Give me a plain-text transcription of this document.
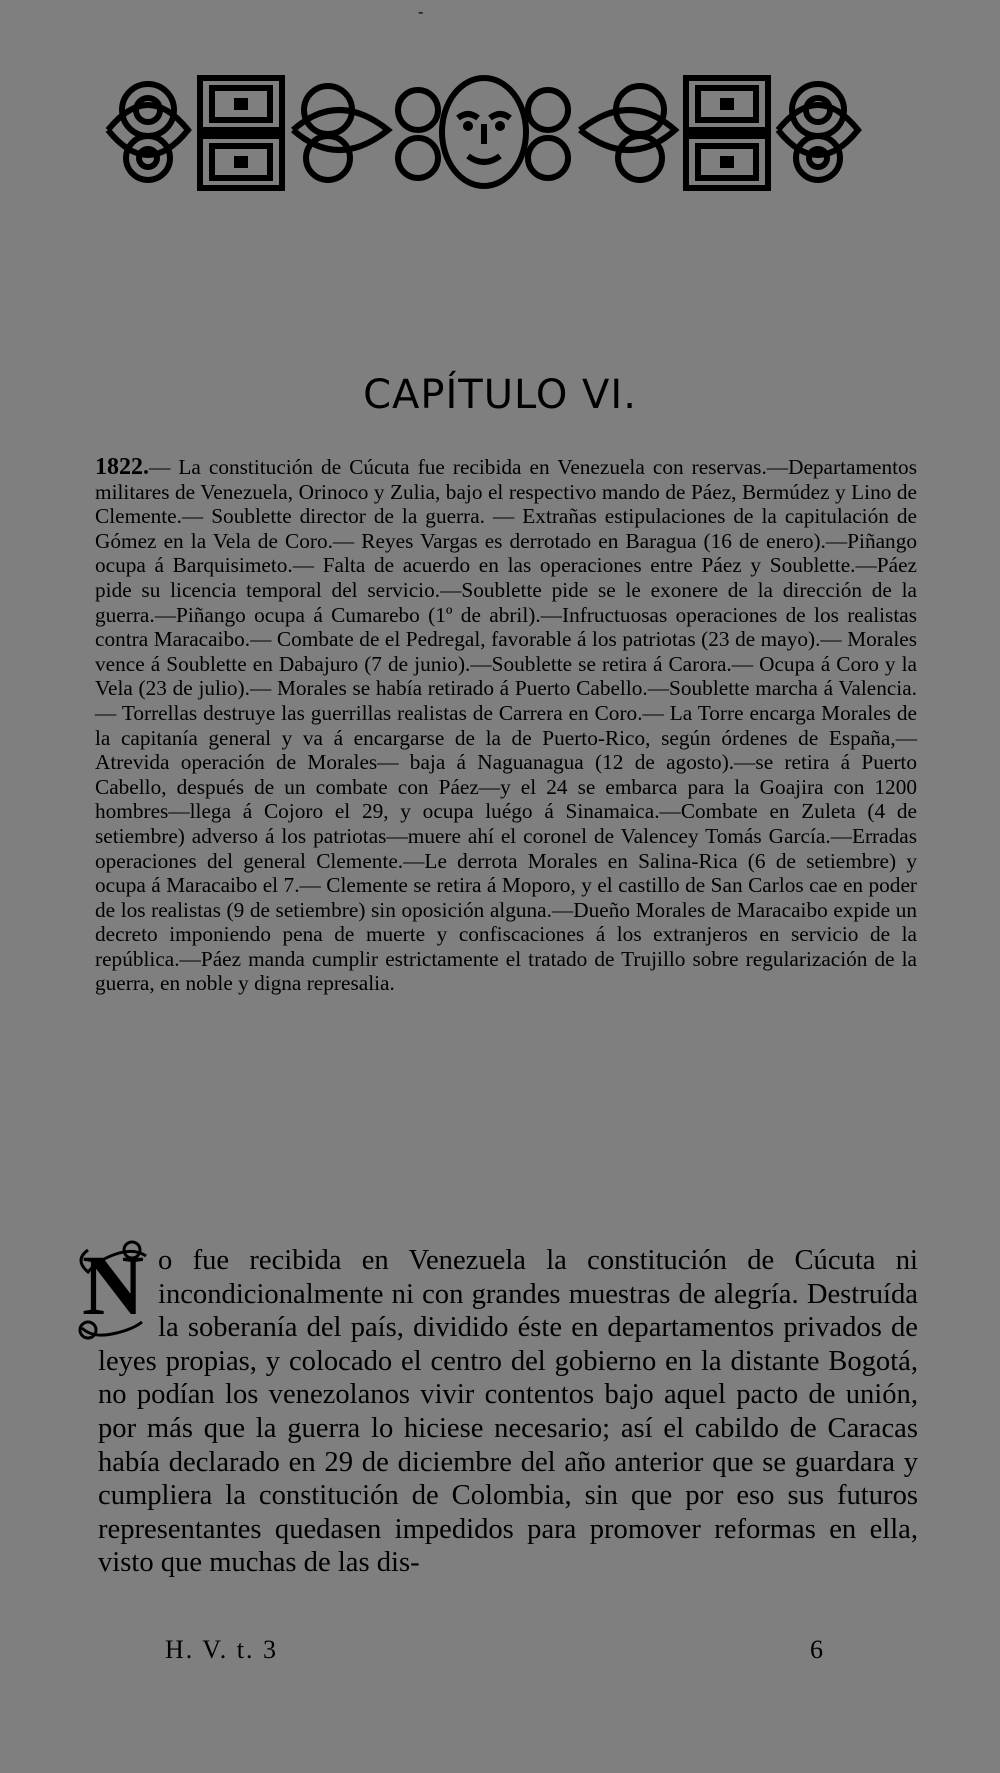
-
CAPÍTULO VI.
1822.— La constitución de Cúcuta fue recibida en Venezuela con reservas.—Departamentos militares de Venezuela, Orinoco y Zulia, bajo el respectivo mando de Páez, Bermúdez y Lino de Clemente.— Soublette director de la guerra. — Extrañas estipulaciones de la capitulación de Gómez en la Vela de Coro.— Reyes Vargas es derrotado en Baragua (16 de enero).—Piñango ocupa á Barquisimeto.— Falta de acuerdo en las operaciones entre Páez y Soublette.—Páez pide su licencia temporal del servicio.—Soublette pide se le exonere de la dirección de la guerra.—Piñango ocupa á Cumarebo (1º de abril).—Infructuosas operaciones de los realistas contra Maracaibo.— Combate de el Pedregal, favorable á los patriotas (23 de mayo).— Morales vence á Soublette en Dabajuro (7 de junio).—Soublette se retira á Carora.— Ocupa á Coro y la Vela (23 de julio).— Morales se había retirado á Puerto Cabello.—Soublette marcha á Valencia.— Torrellas destruye las guerrillas realistas de Carrera en Coro.— La Torre encarga Morales de la capitanía general y va á encargarse de la de Puerto-Rico, según órdenes de España,— Atrevida operación de Morales— baja á Naguanagua (12 de agosto).—se retira á Puerto Cabello, después de un combate con Páez—y el 24 se embarca para la Goajira con 1200 hombres—llega á Cojoro el 29, y ocupa luégo á Sinamaica.—Combate en Zuleta (4 de setiembre) adverso á los patriotas—muere ahí el coronel de Valencey Tomás García.—Erradas operaciones del general Clemente.—Le derrota Morales en Salina-Rica (6 de setiembre) y ocupa á Maracaibo el 7.— Clemente se retira á Moporo, y el castillo de San Carlos cae en poder de los realistas (9 de setiembre) sin oposición alguna.—Dueño Morales de Maracaibo expide un decreto imponiendo pena de muerte y confiscaciones á los extranjeros en servicio de la república.—Páez manda cumplir estrictamente el tratado de Trujillo sobre regularización de la guerra, en noble y digna represalia.
N o fue recibida en Venezuela la constitución de Cúcuta ni incondicionalmente ni con grandes muestras de alegría. Destruída la soberanía del país, dividido éste en departamentos privados de leyes propias, y colocado el centro del gobierno en la distante Bogotá, no podían los venezolanos vivir contentos bajo aquel pacto de unión, por más que la guerra lo hiciese necesario; así el cabildo de Caracas había declarado en 29 de diciembre del año anterior que se guardara y cumpliera la constitución de Colombia, sin que por eso sus futuros representantes quedasen impedidos para promover reformas en ella, visto que muchas de las dis-
H. V. t. 3	6
